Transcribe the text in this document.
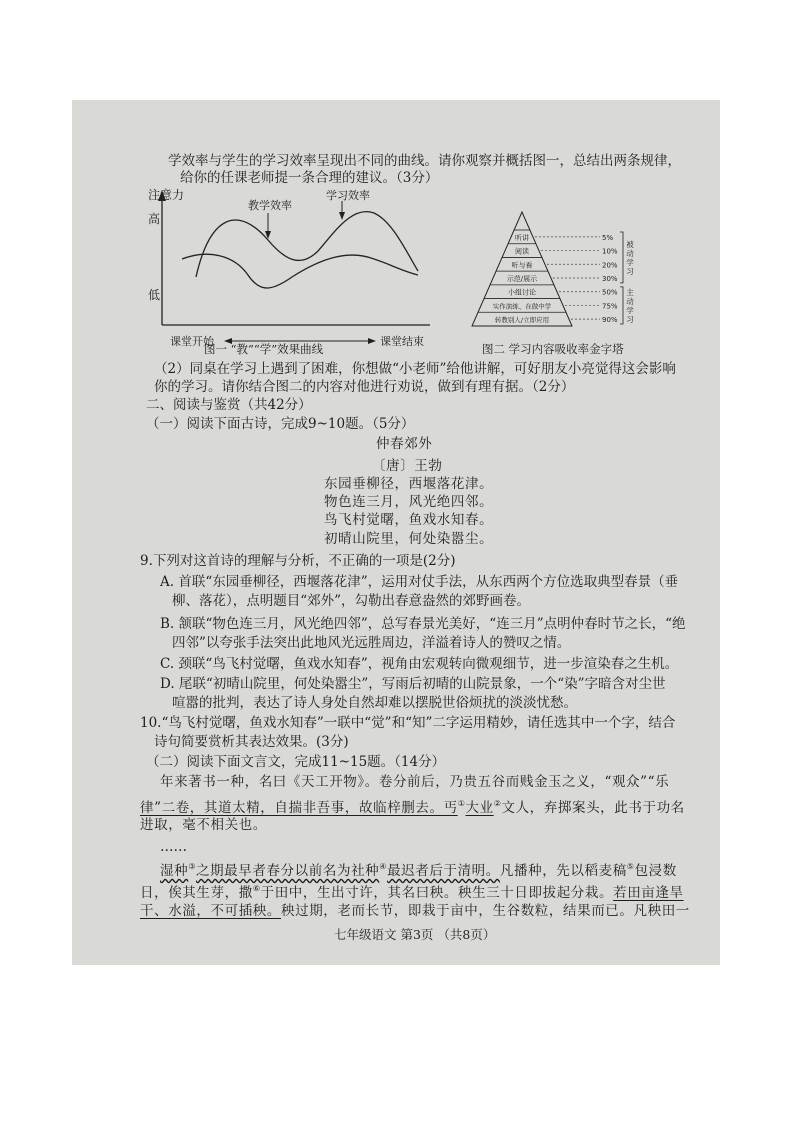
学效率与学生的学习效率呈现出不同的曲线。请你观察并概括图一，总结出两条规律，
给你的任课老师提一条合理的建议。（3分）
注意力
高
低
教学效率
学习效率
课堂开始	课堂结束
图一 “教”“学”效果曲线
听讲	5%
阅读	10%
听与看	20%
示范/展示	30%
小组讨论	50%
实作演练、在做中学	75%
转教别人/立即应用	90%
被
动
学
习
主
动
学
习
图二 学习内容吸收率金字塔
（2）同桌在学习上遇到了困难，你想做“小老师”给他讲解，可好朋友小亮觉得这会影响
你的学习。请你结合图二的内容对他进行劝说，做到有理有据。（2分）
二、阅读与鉴赏（共42分）
（一）阅读下面古诗，完成9~10题。（5分）
仲春郊外
〔唐〕王勃
东园垂柳径，西堰落花津。
物色连三月，风光绝四邻。
鸟飞村觉曙，鱼戏水知春。
初晴山院里，何处染嚣尘。
9.下列对这首诗的理解与分析，不正确的一项是(2分)
A. 首联“东园垂柳径，西堰落花津”，运用对仗手法，从东西两个方位选取典型春景（垂
柳、落花），点明题目“郊外”，勾勒出春意盎然的郊野画卷。
B. 颔联“物色连三月，风光绝四邻”，总写春景光美好，“连三月”点明仲春时节之长，“绝
四邻”以夸张手法突出此地风光远胜周边，洋溢着诗人的赞叹之情。
C. 颈联“鸟飞村觉曙，鱼戏水知春”，视角由宏观转向微观细节，进一步渲染春之生机。
D. 尾联“初晴山院里，何处染嚣尘”，写雨后初晴的山院景象，一个“染”字暗含对尘世
喧嚣的批判，表达了诗人身处自然却难以摆脱世俗烦扰的淡淡忧愁。
10.“鸟飞村觉曙，鱼戏水知春”一联中“觉”和“知”二字运用精妙，请任选其中一个字，结合
诗句简要赏析其表达效果。(3分)
（二）阅读下面文言文，完成11~15题。（14分）
年来著书一种，名曰《天工开物》。卷分前后，乃贵五谷而贱金玉之义，“观众”“乐
律”二卷，其道太精，自揣非吾事，故临梓删去。丐①大业②文人，弃掷案头，此书于功名
进取，毫不相关也。
……
湿种③之期最早者春分以前名为社种④最迟者后于清明。凡播种，先以稻麦稿⑤包浸数
日，俟其生芽，撒⑥于田中，生出寸许，其名曰秧。秧生三十日即拔起分栽。若田亩逢旱
干、水溢，不可插秧。秧过期，老而长节，即栽于亩中，生谷数粒，结果而已。凡秧田一
七年级语文 第3页 （共8页）
